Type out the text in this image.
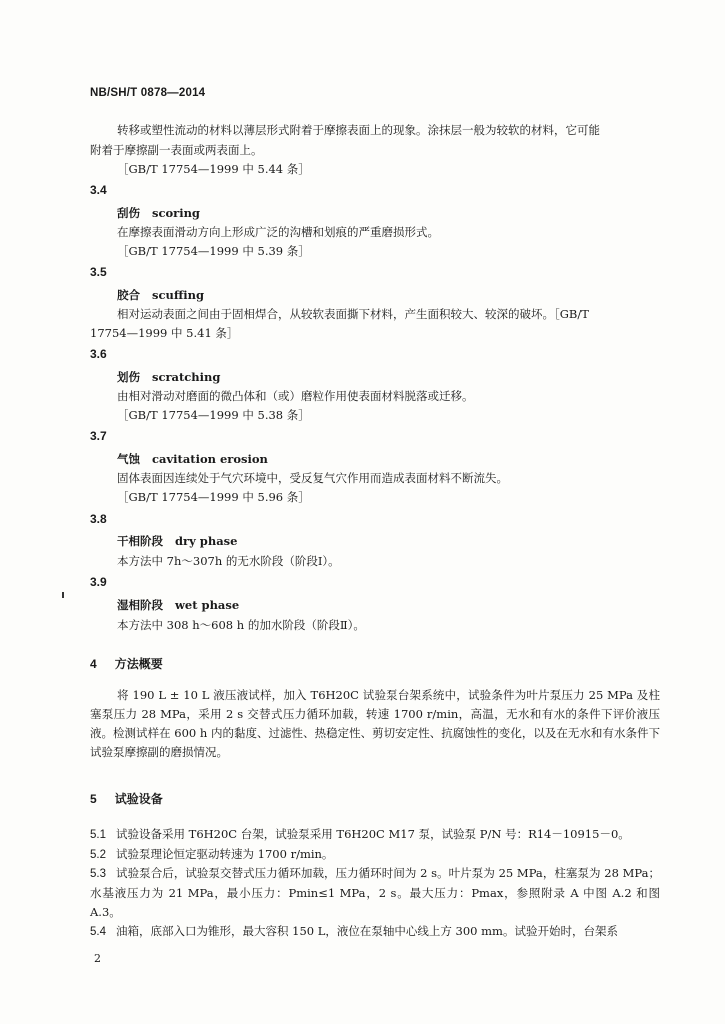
NB/SH/T 0878—2014
转移或塑性流动的材料以薄层形式附着于摩擦表面上的现象。涂抹层一般为较软的材料，它可能
附着于摩擦副一表面或两表面上。
［GB/T 17754—1999 中 5.44 条］
3.4
刮伤 scoring
在摩擦表面滑动方向上形成广泛的沟槽和划痕的严重磨损形式。
［GB/T 17754—1999 中 5.39 条］
3.5
胶合 scuffing
相对运动表面之间由于固相焊合，从较软表面撕下材料，产生面积较大、较深的破坏。［GB/T
17754—1999 中 5.41 条］
3.6
划伤 scratching
由相对滑动对磨面的微凸体和（或）磨粒作用使表面材料脱落或迁移。
［GB/T 17754—1999 中 5.38 条］
3.7
气蚀 cavitation erosion
固体表面因连续处于气穴环境中，受反复气穴作用而造成表面材料不断流失。
［GB/T 17754—1999 中 5.96 条］
3.8
干相阶段 dry phase
本方法中 7h～307h 的无水阶段（阶段Ⅰ）。
3.9
湿相阶段 wet phase
本方法中 308 h～608 h 的加水阶段（阶段Ⅱ）。
4 方法概要
将 190 L ± 10 L 液压液试样，加入 T6H20C 试验泵台架系统中，试验条件为叶片泵压力 25 MPa 及柱塞泵压力 28 MPa，采用 2 s 交替式压力循环加载，转速 1700 r/min，高温，无水和有水的条件下评价液压液。检测试样在 600 h 内的黏度、过滤性、热稳定性、剪切安定性、抗腐蚀性的变化，以及在无水和有水条件下试验泵摩擦副的磨损情况。
5 试验设备
5.1 试验设备采用 T6H20C 台架，试验泵采用 T6H20C M17 泵，试验泵 P/N 号：R14－10915－0。
5.2 试验泵理论恒定驱动转速为 1700 r/min。
5.3 试验泵合后，试验泵交替式压力循环加载，压力循环时间为 2 s。叶片泵为 25 MPa，柱塞泵为 28 MPa；水基液压力为 21 MPa，最小压力：Pmin≤1 MPa，2 s。最大压力：Pmax，参照附录 A 中图 A.2 和图 A.3。
5.4 油箱，底部入口为锥形，最大容积 150 L，液位在泵轴中心线上方 300 mm。试验开始时，台架系
2
